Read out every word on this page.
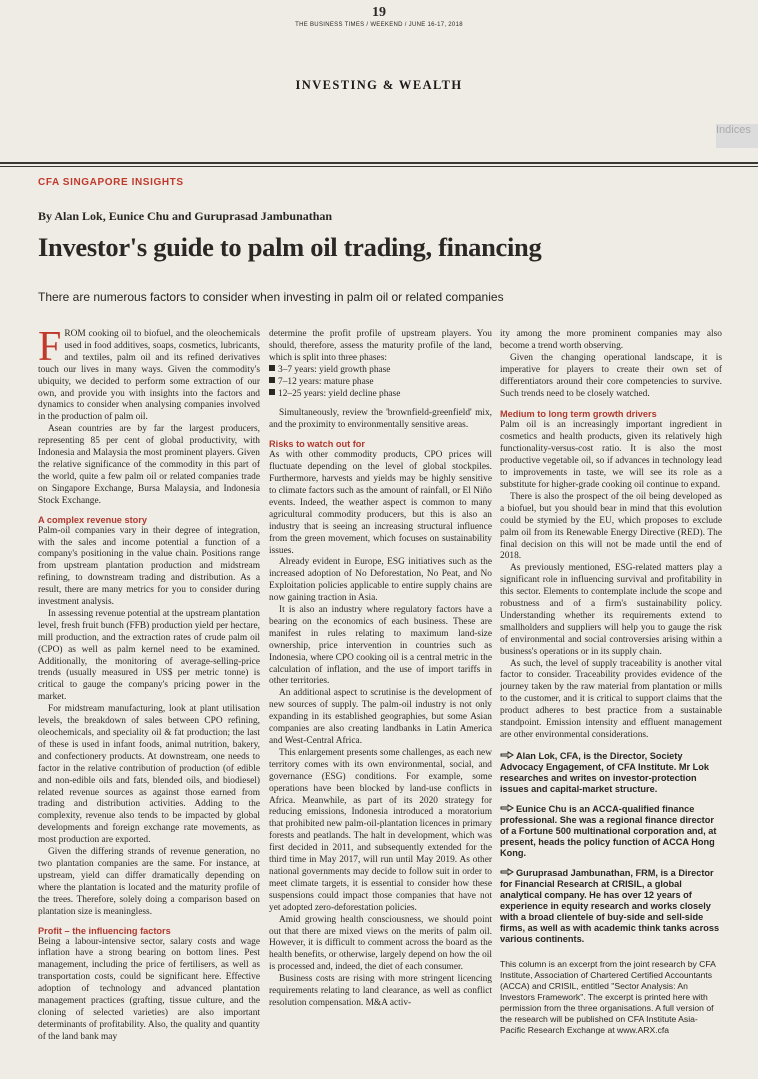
19
THE BUSINESS TIMES / WEEKEND / JUNE 16-17, 2018
INVESTING & WEALTH
Indices
CFA SINGAPORE INSIGHTS
By Alan Lok, Eunice Chu and Guruprasad Jambunathan
Investor's guide to palm oil trading, financing
There are numerous factors to consider when investing in palm oil or related companies

FROM cooking oil to biofuel, and the oleochemicals used in food additives, soaps, cosmetics, lubricants, and textiles, palm oil and its refined derivatives touch our lives in many ways. Given the commodity's ubiquity, we decided to perform some extraction of our own, and provide you with insights into the factors and dynamics to consider when analysing companies involved in the production of palm oil.

Asean countries are by far the largest producers, representing 85 per cent of global productivity, with Indonesia and Malaysia the most prominent players. Given the relative significance of the commodity in this part of the world, quite a few palm oil or related companies trade on Singapore Exchange, Bursa Malaysia, and Indonesia Stock Exchange.

A complex revenue story

Palm-oil companies vary in their degree of integration, with the sales and income potential a function of a company's positioning in the value chain. Positions range from upstream plantation production and midstream refining, to downstream trading and distribution. As a result, there are many metrics for you to consider during investment analysis.

In assessing revenue potential at the upstream plantation level, fresh fruit bunch (FFB) production yield per hectare, mill production, and the extraction rates of crude palm oil (CPO) as well as palm kernel need to be examined. Additionally, the monitoring of average-selling-price trends (usually measured in US$ per metric tonne) is critical to gauge the company's pricing power in the market.

For midstream manufacturing, look at plant utilisation levels, the breakdown of sales between CPO refining, oleochemicals, and speciality oil & fat production; the last of these is used in infant foods, animal nutrition, bakery, and confectionery products. At downstream, one needs to factor in the relative contribution of production (of edible and non-edible oils and fats, blended oils, and biodiesel) related revenue sources as against those earned from trading and distribution activities. Adding to the complexity, revenue also tends to be impacted by global developments and foreign exchange rate movements, as most production are exported.

Given the differing strands of revenue generation, no two plantation companies are the same. For instance, at upstream, yield can differ dramatically depending on where the plantation is located and the maturity profile of the trees. Therefore, solely doing a comparison based on plantation size is meaningless.

Profit – the influencing factors

Being a labour-intensive sector, salary costs and wage inflation have a strong bearing on bottom lines. Pest management, including the price of fertilisers, as well as transportation costs, could be significant here. Effective adoption of technology and advanced plantation management practices (grafting, tissue culture, and the cloning of selected varieties) are also important determinants of profitability. Also, the quality and quantity of the land bank may

determine the profit profile of upstream players. You should, therefore, assess the maturity profile of the land, which is split into three phases:

3–7 years: yield growth phase
7–12 years: mature phase
12–25 years: yield decline phase

Simultaneously, review the 'brownfield-greenfield' mix, and the proximity to environmentally sensitive areas.

Risks to watch out for

As with other commodity products, CPO prices will fluctuate depending on the level of global stockpiles. Furthermore, harvests and yields may be highly sensitive to climate factors such as the amount of rainfall, or El Niño events. Indeed, the weather aspect is common to many agricultural commodity producers, but this is also an industry that is seeing an increasing structural influence from the green movement, which focuses on sustainability issues.

Already evident in Europe, ESG initiatives such as the increased adoption of No Deforestation, No Peat, and No Exploitation policies applicable to entire supply chains are now gaining traction in Asia.

It is also an industry where regulatory factors have a bearing on the economics of each business. These are manifest in rules relating to maximum land-size ownership, price intervention in countries such as Indonesia, where CPO cooking oil is a central metric in the calculation of inflation, and the use of import tariffs in other territories.

An additional aspect to scrutinise is the development of new sources of supply. The palm-oil industry is not only expanding in its established geographies, but some Asian companies are also creating landbanks in Latin America and West-Central Africa.

This enlargement presents some challenges, as each new territory comes with its own environmental, social, and governance (ESG) conditions. For example, some operations have been blocked by land-use conflicts in Africa. Meanwhile, as part of its 2020 strategy for reducing emissions, Indonesia introduced a moratorium that prohibited new palm-oil-plantation licences in primary forests and peatlands. The halt in development, which was first decided in 2011, and subsequently extended for the third time in May 2017, will run until May 2019. As other national governments may decide to follow suit in order to meet climate targets, it is essential to consider how these suspensions could impact those companies that have not yet adopted zero-deforestation policies.

Amid growing health consciousness, we should point out that there are mixed views on the merits of palm oil. However, it is difficult to comment across the board as the health benefits, or otherwise, largely depend on how the oil is processed and, indeed, the diet of each consumer.

Business costs are rising with more stringent licencing requirements relating to land clearance, as well as conflict resolution compensation. M&A activ-

ity among the more prominent companies may also become a trend worth observing.

Given the changing operational landscape, it is imperative for players to create their own set of differentiators around their core competencies to survive. Such trends need to be closely watched.

Medium to long term growth drivers

Palm oil is an increasingly important ingredient in cosmetics and health products, given its relatively high functionality-versus-cost ratio. It is also the most productive vegetable oil, so if advances in technology lead to improvements in taste, we will see its role as a substitute for higher-grade cooking oil continue to expand.

There is also the prospect of the oil being developed as a biofuel, but you should bear in mind that this evolution could be stymied by the EU, which proposes to exclude palm oil from its Renewable Energy Directive (RED). The final decision on this will not be made until the end of 2018.

As previously mentioned, ESG-related matters play a significant role in influencing survival and profitability in this sector. Elements to contemplate include the scope and robustness and of a firm's sustainability policy. Understanding whether its requirements extend to smallholders and suppliers will help you to gauge the risk of environmental and social controversies arising within a business's operations or in its supply chain.

As such, the level of supply traceability is another vital factor to consider. Traceability provides evidence of the journey taken by the raw material from plantation or mills to the customer, and it is critical to support claims that the product adheres to best practice from a sustainable standpoint. Emission intensity and effluent management are other environmental considerations.

Alan Lok, CFA, is the Director, Society Advocacy Engagement, of CFA Institute. Mr Lok researches and writes on investor-protection issues and capital-market structure.
Eunice Chu is an ACCA-qualified finance professional. She was a regional finance director of a Fortune 500 multinational corporation and, at present, heads the policy function of ACCA Hong Kong.
Guruprasad Jambunathan, FRM, is a Director for Financial Research at CRISIL, a global analytical company. He has over 12 years of experience in equity research and works closely with a broad clientele of buy-side and sell-side firms, as well as with academic think tanks across various continents.
This column is an excerpt from the joint research by CFA Institute, Association of Chartered Certified Accountants (ACCA) and CRISIL, entitled "Sector Analysis: An Investors Framework". The excerpt is printed here with permission from the three organisations. A full version of the research will be published on CFA Institute Asia-Pacific Research Exchange at www.ARX.cfa
